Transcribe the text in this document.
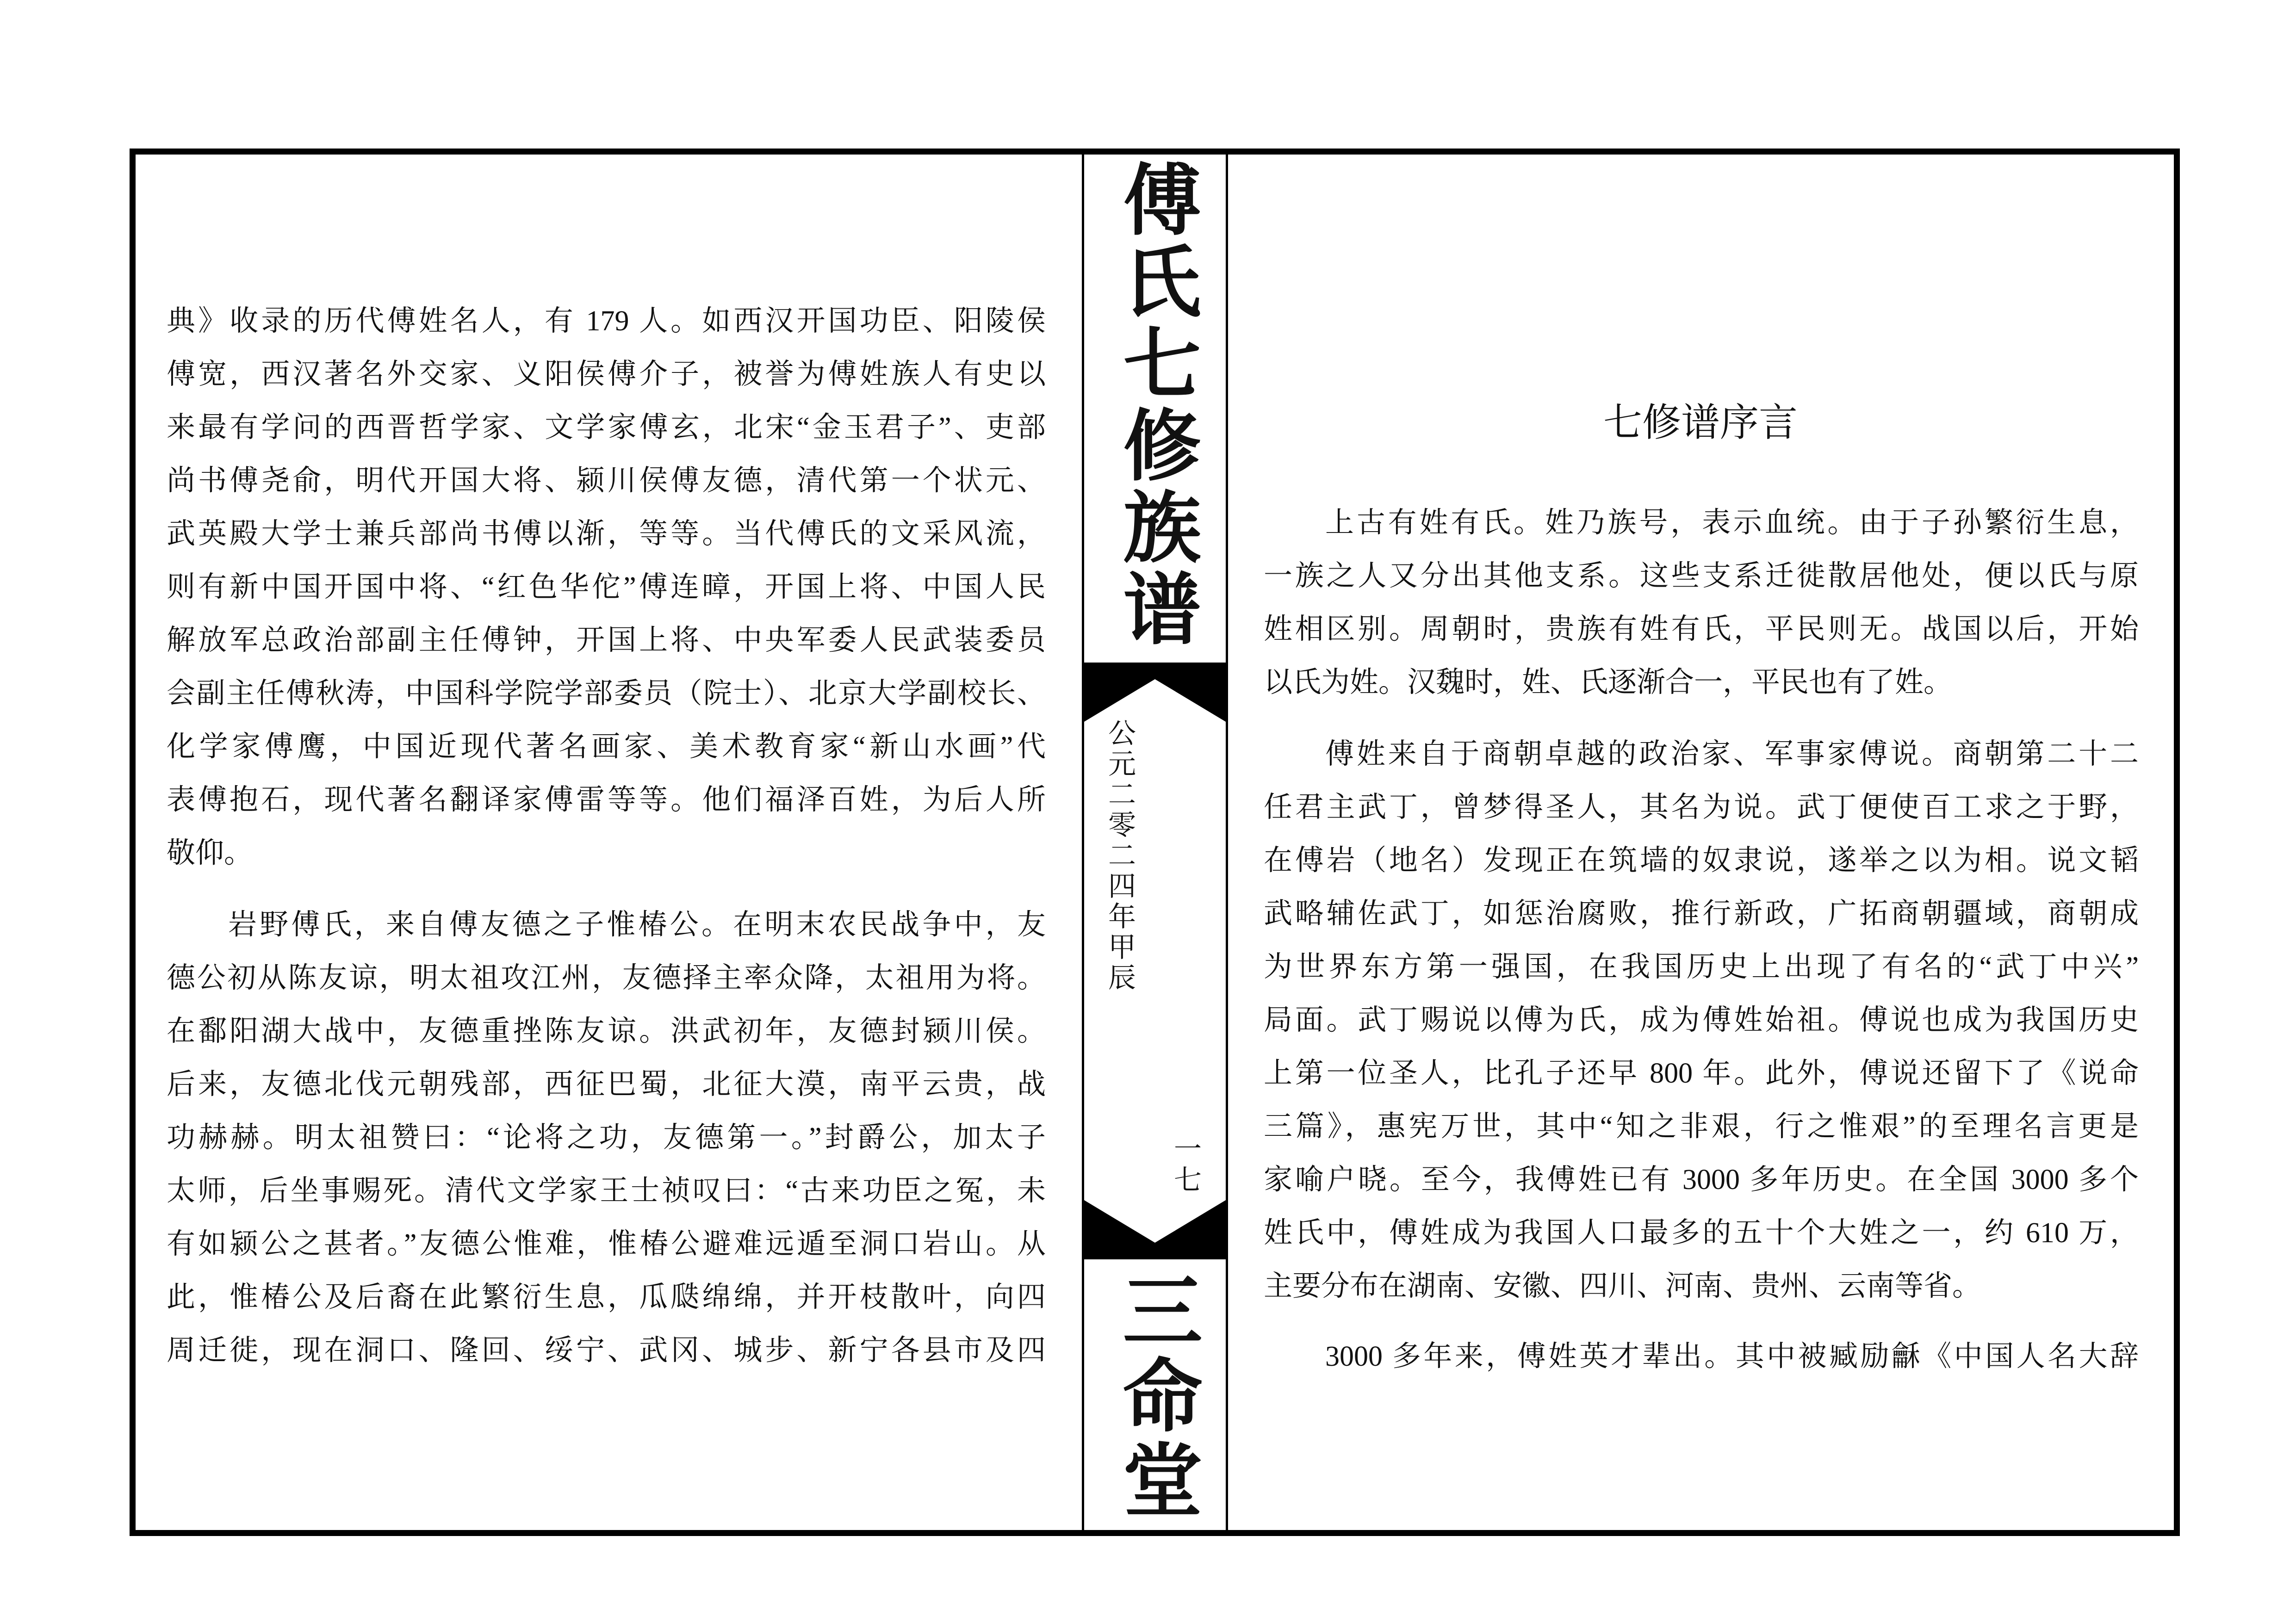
傅氏七修族谱
公元二零二四年甲辰
一七
三命堂
典》收录的历代傅姓名人，有 179 人。如西汉开国功臣、阳陵侯
傅宽，西汉著名外交家、义阳侯傅介子，被誉为傅姓族人有史以
来最有学问的西晋哲学家、文学家傅玄，北宋“金玉君子”、吏部
尚书傅尧俞，明代开国大将、颍川侯傅友德，清代第一个状元、
武英殿大学士兼兵部尚书傅以渐，等等。当代傅氏的文采风流，
则有新中国开国中将、“红色华佗”傅连暲，开国上将、中国人民
解放军总政治部副主任傅钟，开国上将、中央军委人民武装委员
会副主任傅秋涛，中国科学院学部委员（院士）、北京大学副校长、
化学家傅鹰，中国近现代著名画家、美术教育家“新山水画”代
表傅抱石，现代著名翻译家傅雷等等。他们福泽百姓，为后人所
敬仰。
岩野傅氏，来自傅友德之子惟椿公。在明末农民战争中，友
德公初从陈友谅，明太祖攻江州，友德择主率众降，太祖用为将。
在鄱阳湖大战中，友德重挫陈友谅。洪武初年，友德封颍川侯。
后来，友德北伐元朝残部，西征巴蜀，北征大漠，南平云贵，战
功赫赫。明太祖赞曰：“论将之功，友德第一。”封爵公，加太子
太师，后坐事赐死。清代文学家王士祯叹曰：“古来功臣之冤，未
有如颍公之甚者。”友德公惟难，惟椿公避难远遁至洞口岩山。从
此，惟椿公及后裔在此繁衍生息，瓜瓞绵绵，并开枝散叶，向四
周迁徙，现在洞口、隆回、绥宁、武冈、城步、新宁各县市及四
七修谱序言
上古有姓有氏。姓乃族号，表示血统。由于子孙繁衍生息，
一族之人又分出其他支系。这些支系迁徙散居他处，便以氏与原
姓相区别。周朝时，贵族有姓有氏，平民则无。战国以后，开始
以氏为姓。汉魏时，姓、氏逐渐合一，平民也有了姓。
傅姓来自于商朝卓越的政治家、军事家傅说。商朝第二十二
任君主武丁，曾梦得圣人，其名为说。武丁便使百工求之于野，
在傅岩（地名）发现正在筑墙的奴隶说，遂举之以为相。说文韬
武略辅佐武丁，如惩治腐败，推行新政，广拓商朝疆域，商朝成
为世界东方第一强国，在我国历史上出现了有名的“武丁中兴”
局面。武丁赐说以傅为氏，成为傅姓始祖。傅说也成为我国历史
上第一位圣人，比孔子还早 800 年。此外，傅说还留下了《说命
三篇》，惠宪万世，其中“知之非艰，行之惟艰”的至理名言更是
家喻户晓。至今，我傅姓已有 3000 多年历史。在全国 3000 多个
姓氏中，傅姓成为我国人口最多的五十个大姓之一，约 610 万，
主要分布在湖南、安徽、四川、河南、贵州、云南等省。
3000 多年来，傅姓英才辈出。其中被臧励龢《中国人名大辞
